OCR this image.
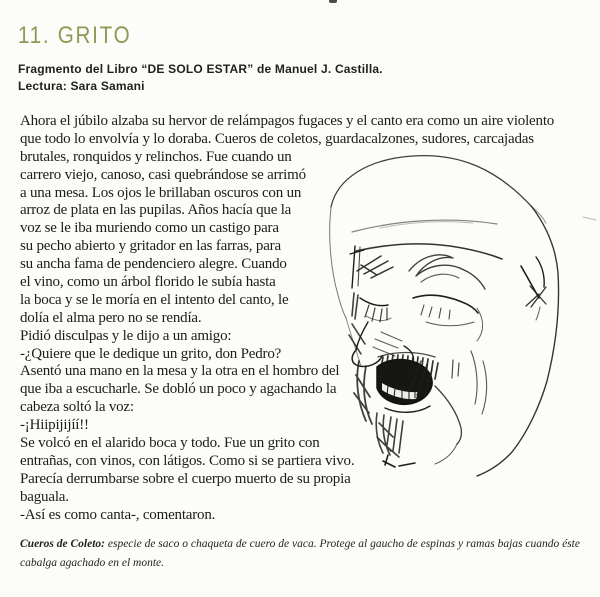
11. GRITO
Fragmento del Libro “DE SOLO ESTAR” de Manuel J. Castilla.
Lectura: Sara Samani
Ahora el júbilo alzaba su hervor de relámpagos fugaces y el canto era como un aire violento
que todo lo envolvía y lo doraba. Cueros de coletos, guardacalzones, sudores, carcajadas
brutales, ronquidos y relinchos. Fue cuando un
carrero viejo, canoso, casi quebrándose se arrimó
a una mesa. Los ojos le brillaban oscuros con un
arroz de plata en las pupilas. Años hacía que la
voz se le iba muriendo como un castigo para
su pecho abierto y gritador en las farras, para
su ancha fama de pendenciero alegre. Cuando
el vino, como un árbol florido le subía hasta
la boca y se le moría en el intento del canto, le
dolía el alma pero no se rendía.
Pidió disculpas y le dijo a un amigo:
-¿Quiere que le dedique un grito, don Pedro?
Asentó una mano en la mesa y la otra en el hombro del
que iba a escucharle. Se dobló un poco y agachando la
cabeza soltó la voz:
-¡Hiipijijíí!!
Se volcó en el alarido boca y todo. Fue un grito con
entrañas, con vinos, con látigos. Como si se partiera vivo.
Parecía derrumbarse sobre el cuerpo muerto de su propia
baguala.
-Así es como canta-, comentaron.
Cueros de Coleto: especie de saco o chaqueta de cuero de vaca. Protege al gaucho de espinas y ramas bajas cuando éste
cabalga agachado en el monte.
